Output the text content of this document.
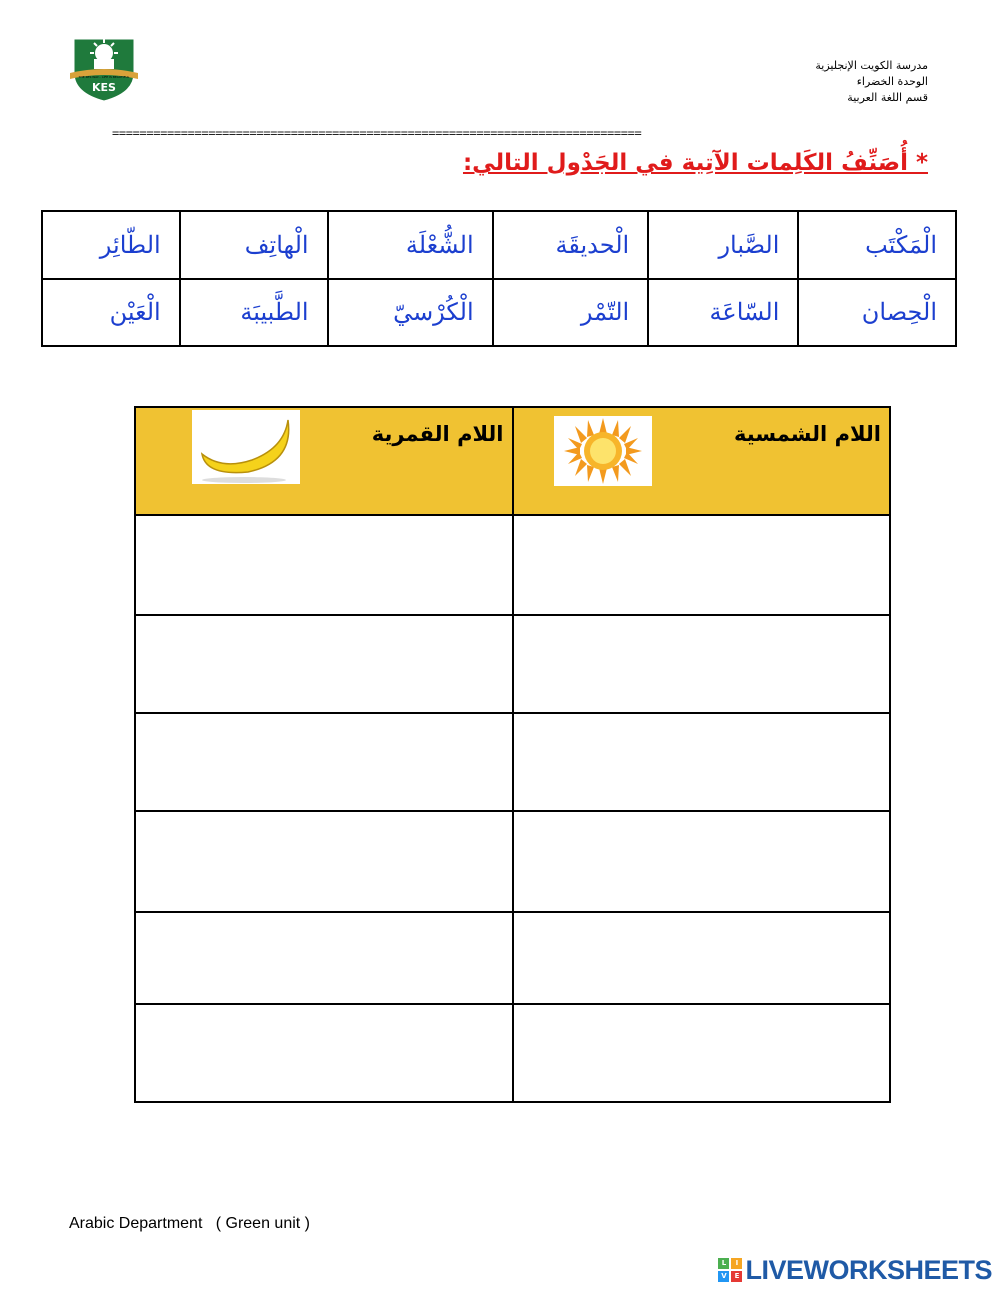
THE KES WAY... LIFE IS BEAUTIFUL
KES
مدرسة الكويت الإنجليزية
الوحدة الخضراء
قسم اللغة العربية
=============================================================================
* أُصَنِّفُ الكَلِمات الآتِية في الجَدْول التالي:
الْمَكْتَب	الصَّبار	الْحديقَة	الشُّعْلَة	الْهاتِف	الطّائِر
الْحِصان	السّاعَة	التّمْر	الْكُرْسيّ	الطَّبيبَة	الْعَيْن
اللام الشمسية	اللام القمرية

Arabic Department   ( Green unit )
L	I
V	E LIVEWORKSHEETS
